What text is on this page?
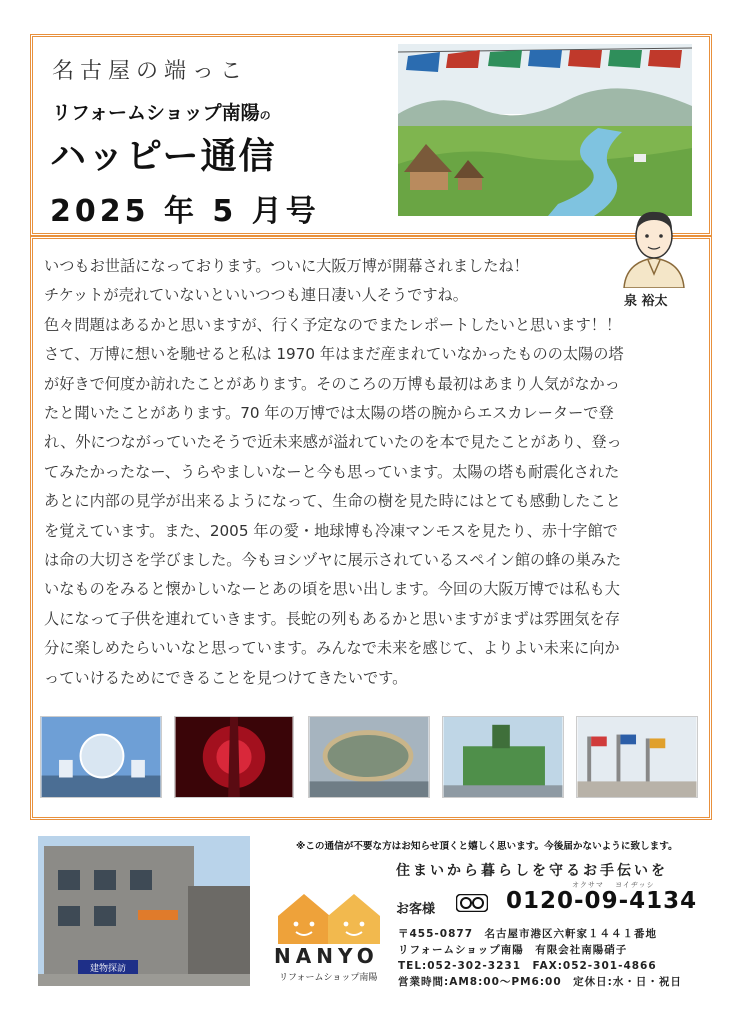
名古屋の端っこ
リフォームショップ南陽の
ハッピー通信
2025 年 5 月号
泉 裕太

いつもお世話になっております。ついに大阪万博が開幕されましたね！

チケットが売れていないといいつつも連日凄い人そうですね。

色々問題はあるかと思いますが、行く予定なのでまたレポートしたいと思います！！

さて、万博に想いを馳せると私は 1970 年はまだ産まれていなかったものの太陽の塔

が好きで何度か訪れたことがあります。そのころの万博も最初はあまり人気がなかっ

たと聞いたことがあります。70 年の万博では太陽の塔の腕からエスカレーターで登

れ、外につながっていたそうで近未来感が溢れていたのを本で見たことがあり、登っ

てみたかったなー、うらやましいなーと今も思っています。太陽の塔も耐震化された

あとに内部の見学が出来るようになって、生命の樹を見た時にはとても感動したこと

を覚えています。また、2005 年の愛・地球博も冷凍マンモスを見たり、赤十字館で

は命の大切さを学びました。今もヨシヅヤに展示されているスペイン館の蜂の巣みた

いなものをみると懐かしいなーとあの頃を思い出します。今回の大阪万博では私も大

人になって子供を連れていきます。長蛇の列もあるかと思いますがまずは雰囲気を存

分に楽しめたらいいなと思っています。みんなで未来を感じて、よりよい未来に向か

っていけるためにできることを見つけてきたいです。

建物探訪
※この通信が不要な方はお知らせ頂くと嬉しく思います。今後届かないように致します。
住まいから暮らしを守るお手伝いを
NANYO
リフォームショップ南陽
お客様
オクサマ　 ヨイヂッシ
0120-09-4134
〒455-0877　名古屋市港区六軒家１４４１番地
リフォームショップ南陽　有限会社南陽硝子
TEL:052-302-3231　FAX:052-301-4866
営業時間:AM8:00～PM6:00　定休日:水・日・祝日
